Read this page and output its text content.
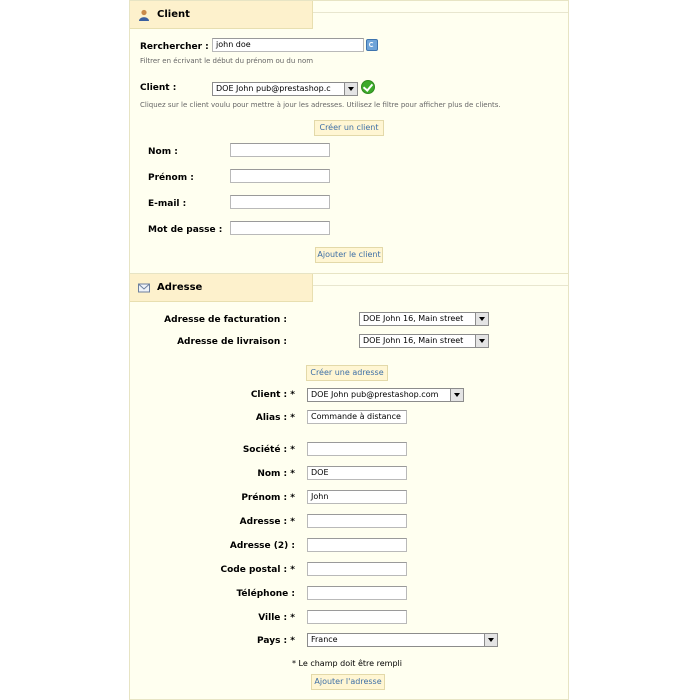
Client
Rerchercher : john doe
Filtrer en écrivant le début du prénom ou du nom
Client :	DOE John pub@prestashop.c
Cliquez sur le client voulu pour mettre à jour les adresses. Utilisez le filtre pour afficher plus de clients.
Créer un client
Nom :
Prénom :
E-mail :
Mot de passe :
Ajouter le client
Adresse
Adresse de facturation :	DOE John 16, Main street
Adresse de livraison :	DOE John 16, Main street
Créer une adresse
Client : *	DOE John pub@prestashop.com
Alias : *	Commande à distance
Société : *
Nom : *	DOE
Prénom : *	John
Adresse : *
Adresse (2) :
Code postal : *
Téléphone :
Ville : *
Pays : *	France
* Le champ doit être rempli
Ajouter l'adresse
